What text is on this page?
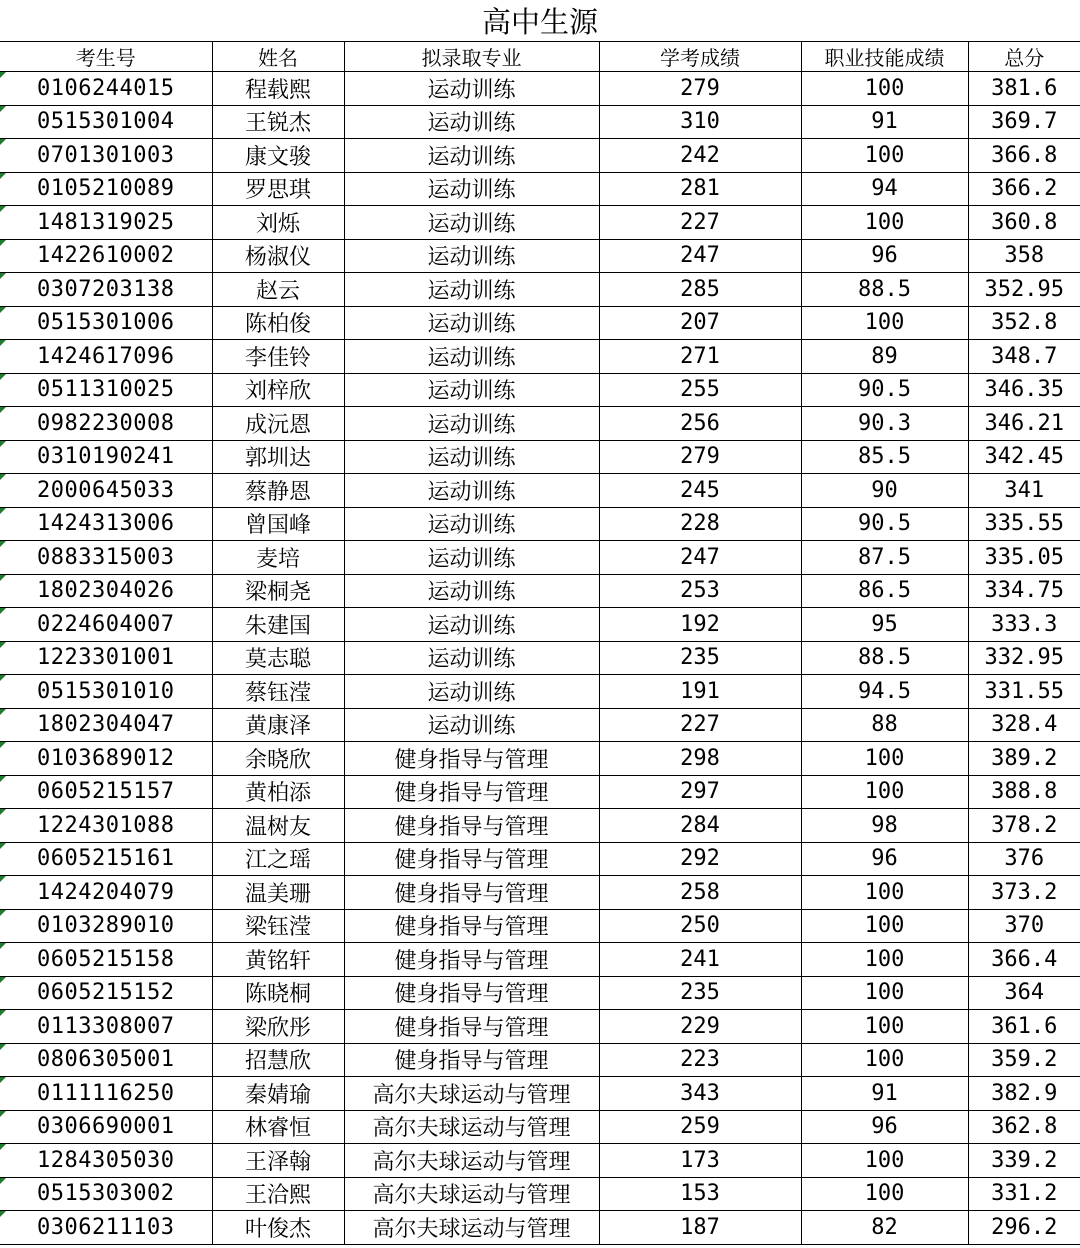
高中生源					
考生号	姓名	拟录取专业	学考成绩	职业技能成绩	总分
0106244015	程载熙	运动训练	279	100	381.6
0515301004	王锐杰	运动训练	310	91	369.7
0701301003	康文骏	运动训练	242	100	366.8
0105210089	罗思琪	运动训练	281	94	366.2
1481319025	刘烁	运动训练	227	100	360.8
1422610002	杨淑仪	运动训练	247	96	358
0307203138	赵云	运动训练	285	88.5	352.95
0515301006	陈柏俊	运动训练	207	100	352.8
1424617096	李佳铃	运动训练	271	89	348.7
0511310025	刘梓欣	运动训练	255	90.5	346.35
0982230008	成沅恩	运动训练	256	90.3	346.21
0310190241	郭圳达	运动训练	279	85.5	342.45
2000645033	蔡静恩	运动训练	245	90	341
1424313006	曾国峰	运动训练	228	90.5	335.55
0883315003	麦培	运动训练	247	87.5	335.05
1802304026	梁桐尧	运动训练	253	86.5	334.75
0224604007	朱建国	运动训练	192	95	333.3
1223301001	莫志聪	运动训练	235	88.5	332.95
0515301010	蔡钰滢	运动训练	191	94.5	331.55
1802304047	黄康泽	运动训练	227	88	328.4
0103689012	余晓欣	健身指导与管理	298	100	389.2
0605215157	黄柏添	健身指导与管理	297	100	388.8
1224301088	温树友	健身指导与管理	284	98	378.2
0605215161	江之瑶	健身指导与管理	292	96	376
1424204079	温美珊	健身指导与管理	258	100	373.2
0103289010	梁钰滢	健身指导与管理	250	100	370
0605215158	黄铭轩	健身指导与管理	241	100	366.4
0605215152	陈晓桐	健身指导与管理	235	100	364
0113308007	梁欣彤	健身指导与管理	229	100	361.6
0806305001	招慧欣	健身指导与管理	223	100	359.2
0111116250	秦婧瑜	高尔夫球运动与管理	343	91	382.9
0306690001	林睿恒	高尔夫球运动与管理	259	96	362.8
1284305030	王泽翰	高尔夫球运动与管理	173	100	339.2
0515303002	王洽熙	高尔夫球运动与管理	153	100	331.2
0306211103	叶俊杰	高尔夫球运动与管理	187	82	296.2
